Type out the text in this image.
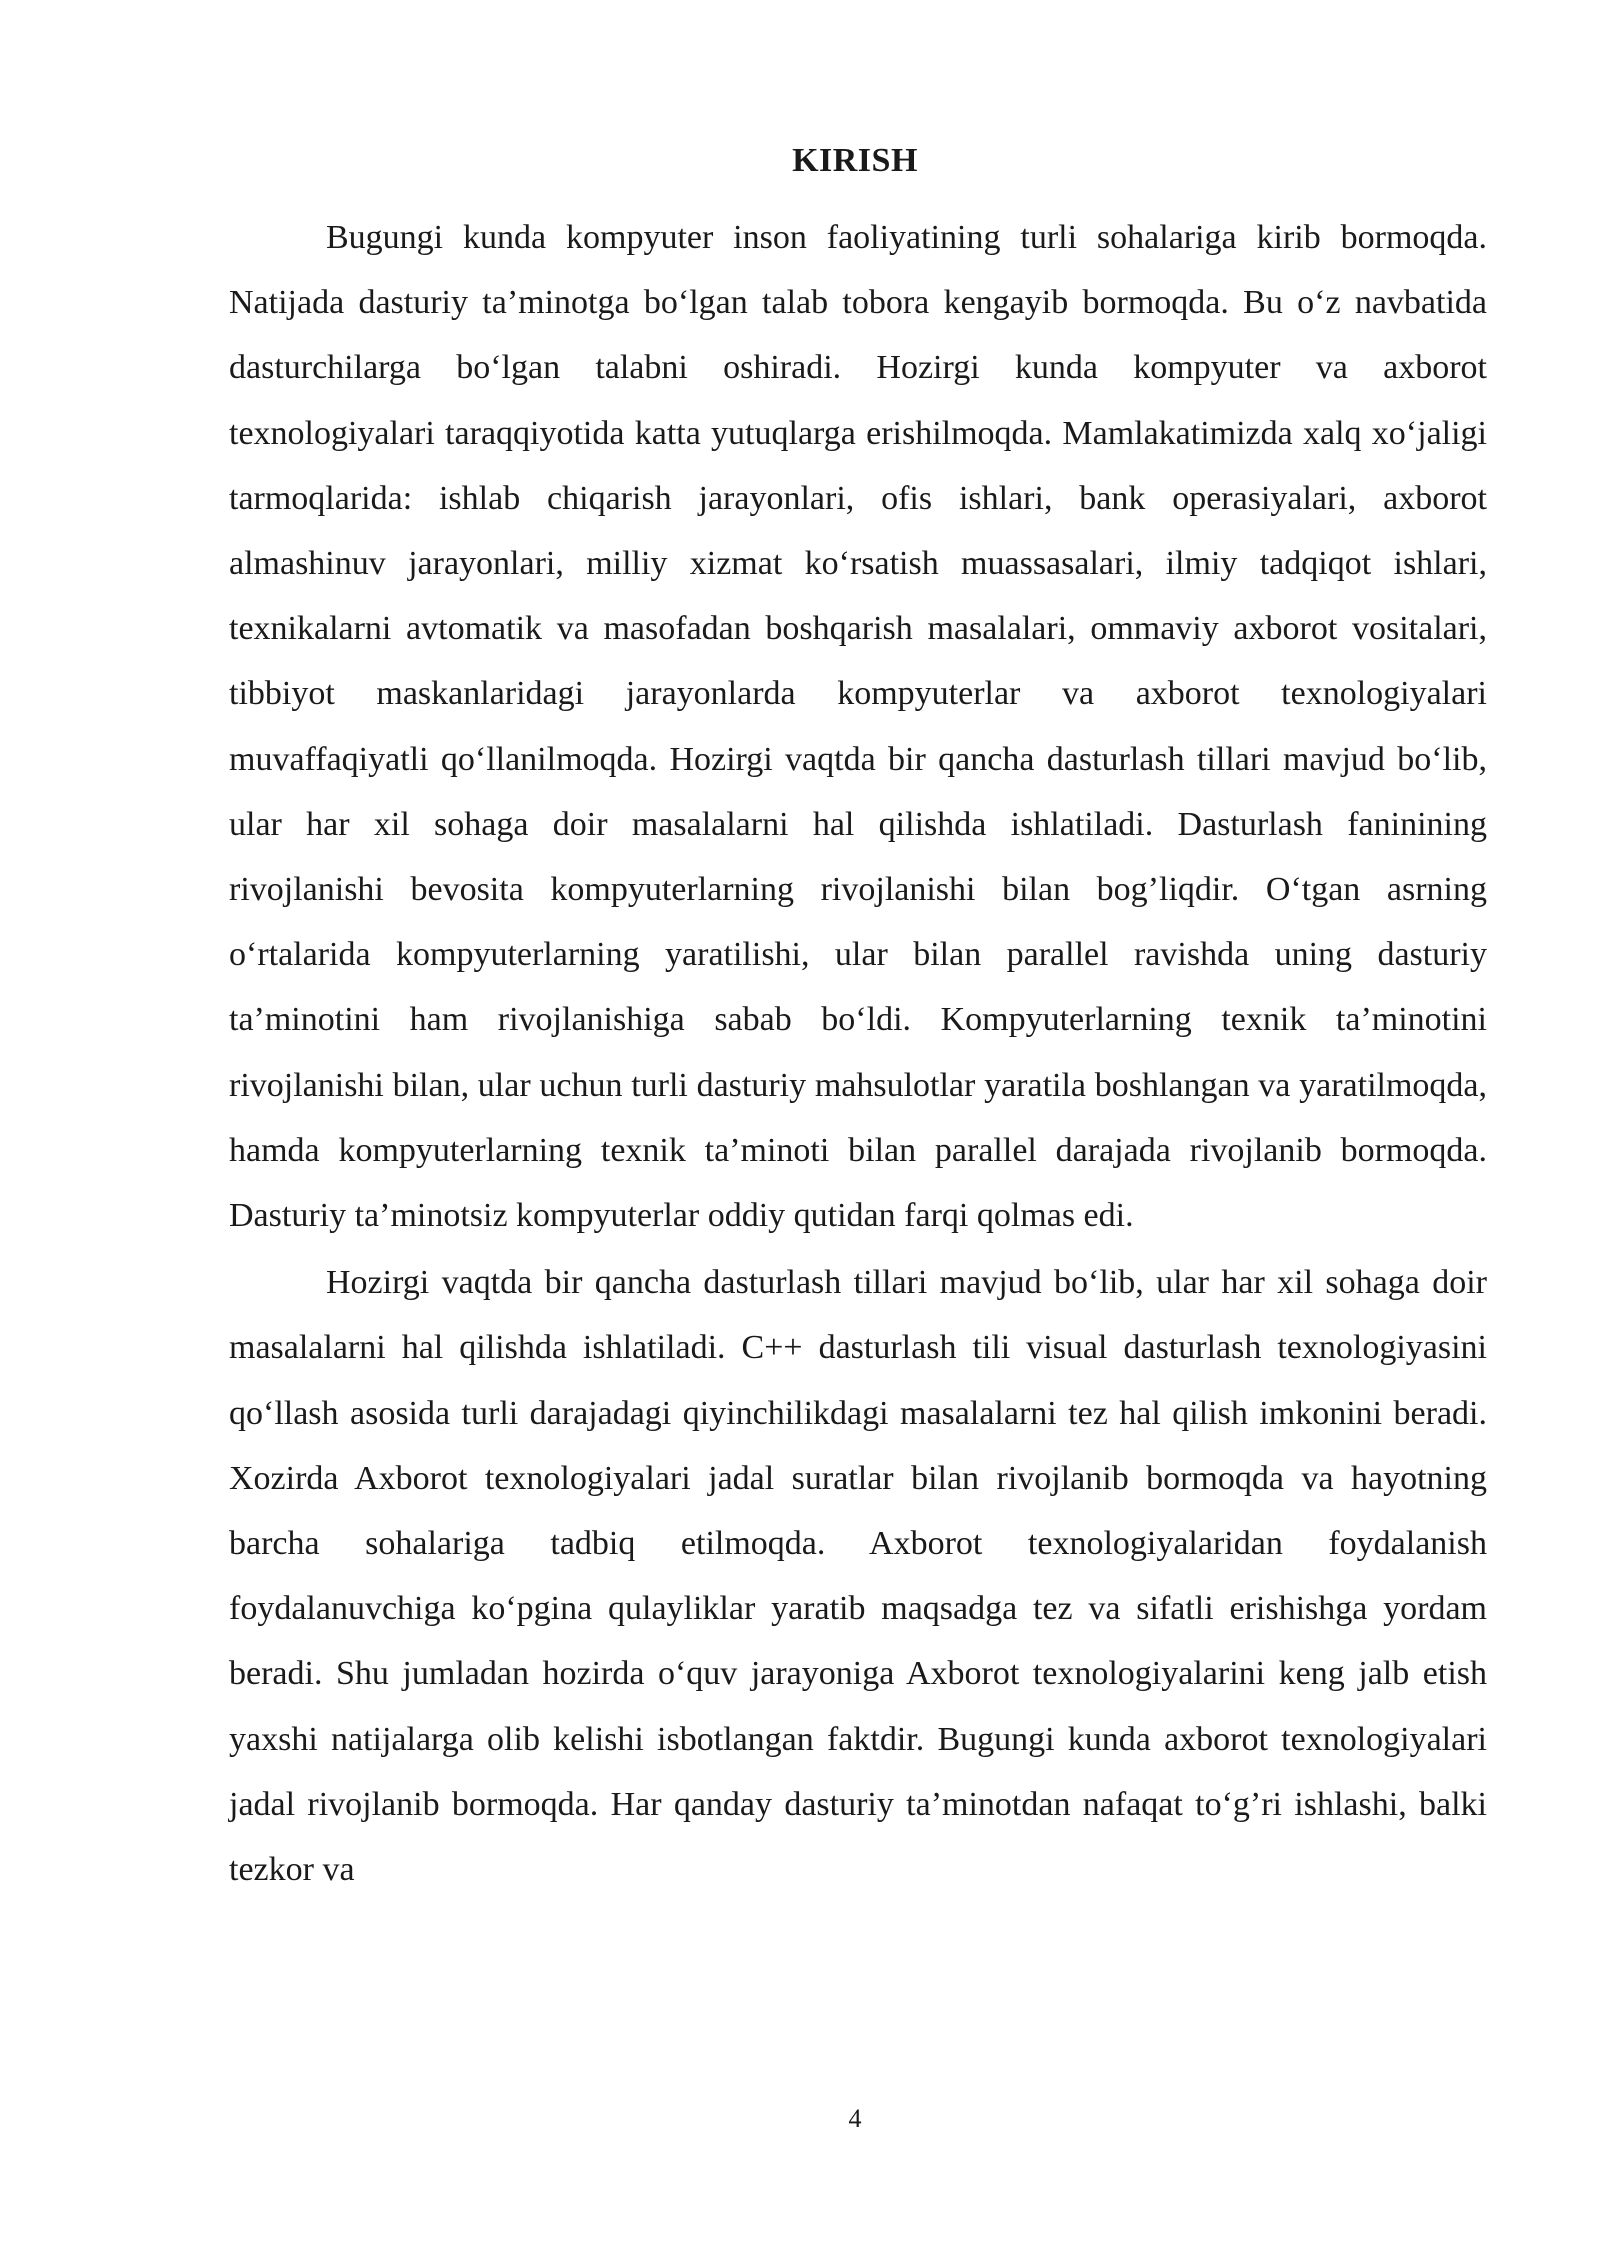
KIRISH

Bugungi kunda kompyuter inson faoliyatining turli sohalariga kirib bormoqda. Natijada dasturiy ta’minotga bo‘lgan talab tobora kengayib bormoqda. Bu o‘z navbatida dasturchilarga bo‘lgan talabni oshiradi. Hozirgi kunda kompyuter va axborot texnologiyalari taraqqiyotida katta yutuqlarga erishilmoqda. Mamlakatimizda xalq xo‘jaligi tarmoqlarida: ishlab chiqarish jarayonlari, ofis ishlari, bank operasiyalari, axborot almashinuv jarayonlari, milliy xizmat ko‘rsatish muassasalari, ilmiy tadqiqot ishlari, texnikalarni avtomatik va masofadan boshqarish masalalari, ommaviy axborot vositalari, tibbiyot maskanlaridagi jarayonlarda kompyuterlar va axborot texnologiyalari muvaffaqiyatli qo‘llanilmoqda. Hozirgi vaqtda bir qancha dasturlash tillari mavjud bo‘lib, ular har xil sohaga doir masalalarni hal qilishda ishlatiladi. Dasturlash faninining rivojlanishi bevosita kompyuterlarning rivojlanishi bilan bog’liqdir. O‘tgan asrning o‘rtalarida kompyuterlarning yaratilishi, ular bilan parallel ravishda uning dasturiy ta’minotini ham rivojlanishiga sabab bo‘ldi. Kompyuterlarning texnik ta’minotini rivojlanishi bilan, ular uchun turli dasturiy mahsulotlar yaratila boshlangan va yaratilmoqda, hamda kompyuterlarning texnik ta’minoti bilan parallel darajada rivojlanib bormoqda. Dasturiy ta’minotsiz kompyuterlar oddiy qutidan farqi qolmas edi.

Hozirgi vaqtda bir qancha dasturlash tillari mavjud bo‘lib, ular har xil sohaga doir masalalarni hal qilishda ishlatiladi. C++ dasturlash tili visual dasturlash texnologiyasini qo‘llash asosida turli darajadagi qiyinchilikdagi masalalarni tez hal qilish imkonini beradi. Xozirda Axborot texnologiyalari jadal suratlar bilan rivojlanib bormoqda va hayotning barcha sohalariga tadbiq etilmoqda. Axborot texnologiyalaridan foydalanish foydalanuvchiga ko‘pgina qulayliklar yaratib maqsadga tez va sifatli erishishga yordam beradi. Shu jumladan hozirda o‘quv jarayoniga Axborot texnologiyalarini keng jalb etish yaxshi natijalarga olib kelishi isbotlangan faktdir. Bugungi kunda axborot texnologiyalari jadal rivojlanib bormoqda. Har qanday dasturiy ta’minotdan nafaqat to‘g’ri ishlashi, balki tezkor va

4
